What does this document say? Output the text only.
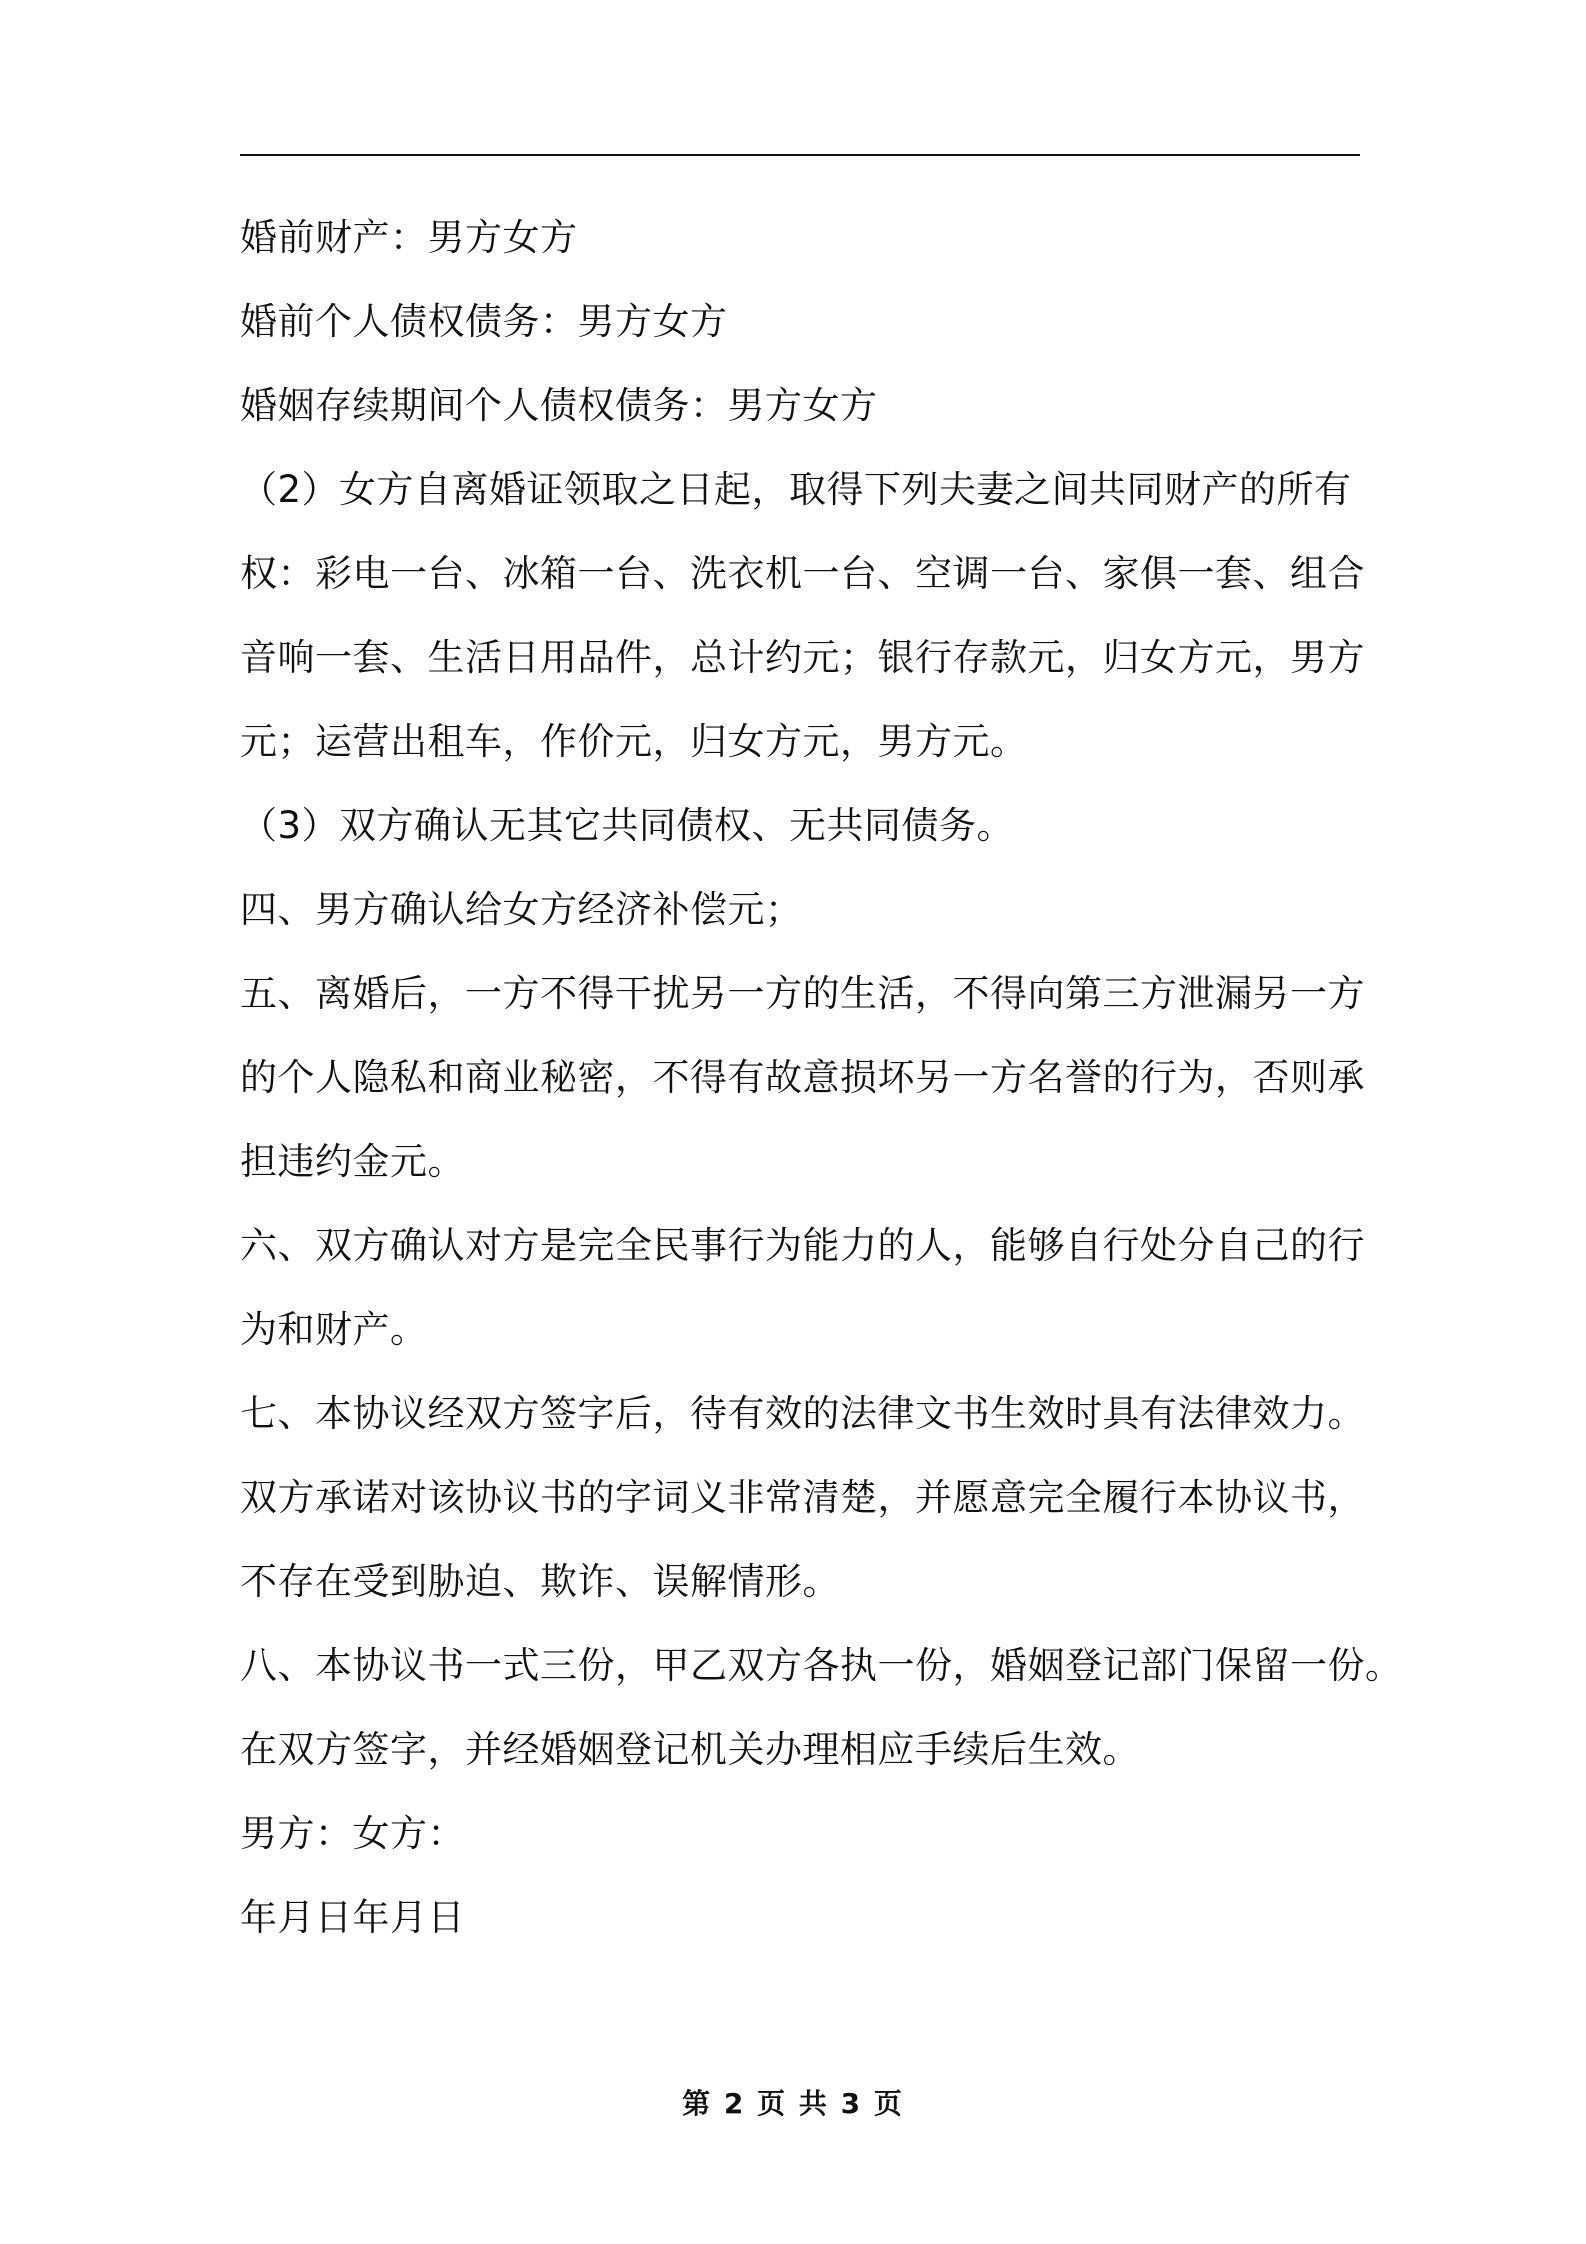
婚前财产：男方女方
婚前个人债权债务：男方女方
婚姻存续期间个人债权债务：男方女方
（2）女方自离婚证领取之日起，取得下列夫妻之间共同财产的所有
权：彩电一台、冰箱一台、洗衣机一台、空调一台、家俱一套、组合
音响一套、生活日用品件，总计约元；银行存款元，归女方元，男方
元；运营出租车，作价元，归女方元，男方元。
（3）双方确认无其它共同债权、无共同债务。
四、男方确认给女方经济补偿元；
五、离婚后，一方不得干扰另一方的生活，不得向第三方泄漏另一方
的个人隐私和商业秘密，不得有故意损坏另一方名誉的行为，否则承
担违约金元。
六、双方确认对方是完全民事行为能力的人，能够自行处分自己的行
为和财产。
七、本协议经双方签字后，待有效的法律文书生效时具有法律效力。
双方承诺对该协议书的字词义非常清楚，并愿意完全履行本协议书，
不存在受到胁迫、欺诈、误解情形。
八、本协议书一式三份，甲乙双方各执一份，婚姻登记部门保留一份。
在双方签字，并经婚姻登记机关办理相应手续后生效。
男方：女方：
年月日年月日
第 2 页 共 3 页
